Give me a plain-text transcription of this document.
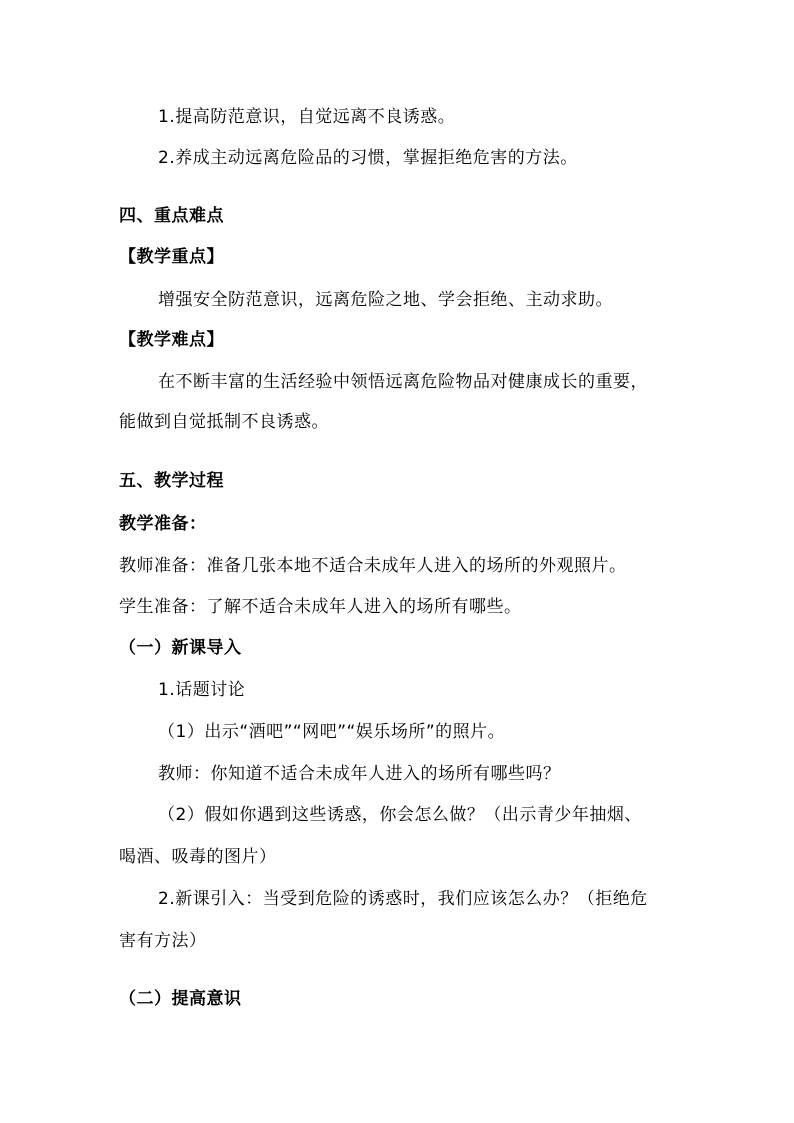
1.提高防范意识，自觉远离不良诱惑。
2.养成主动远离危险品的习惯，掌握拒绝危害的方法。
四、重点难点
【教学重点】
增强安全防范意识，远离危险之地、学会拒绝、主动求助。
【教学难点】
在不断丰富的生活经验中领悟远离危险物品对健康成长的重要，
能做到自觉抵制不良诱惑。
五、教学过程
教学准备：
教师准备：准备几张本地不适合未成年人进入的场所的外观照片。
学生准备：了解不适合未成年人进入的场所有哪些。
（一）新课导入
1.话题讨论
（1）出示“酒吧”“网吧”“娱乐场所”的照片。
教师：你知道不适合未成年人进入的场所有哪些吗？
（2）假如你遇到这些诱惑，你会怎么做？（出示青少年抽烟、
喝酒、吸毒的图片）
2.新课引入：当受到危险的诱惑时，我们应该怎么办？（拒绝危
害有方法）
（二）提高意识
